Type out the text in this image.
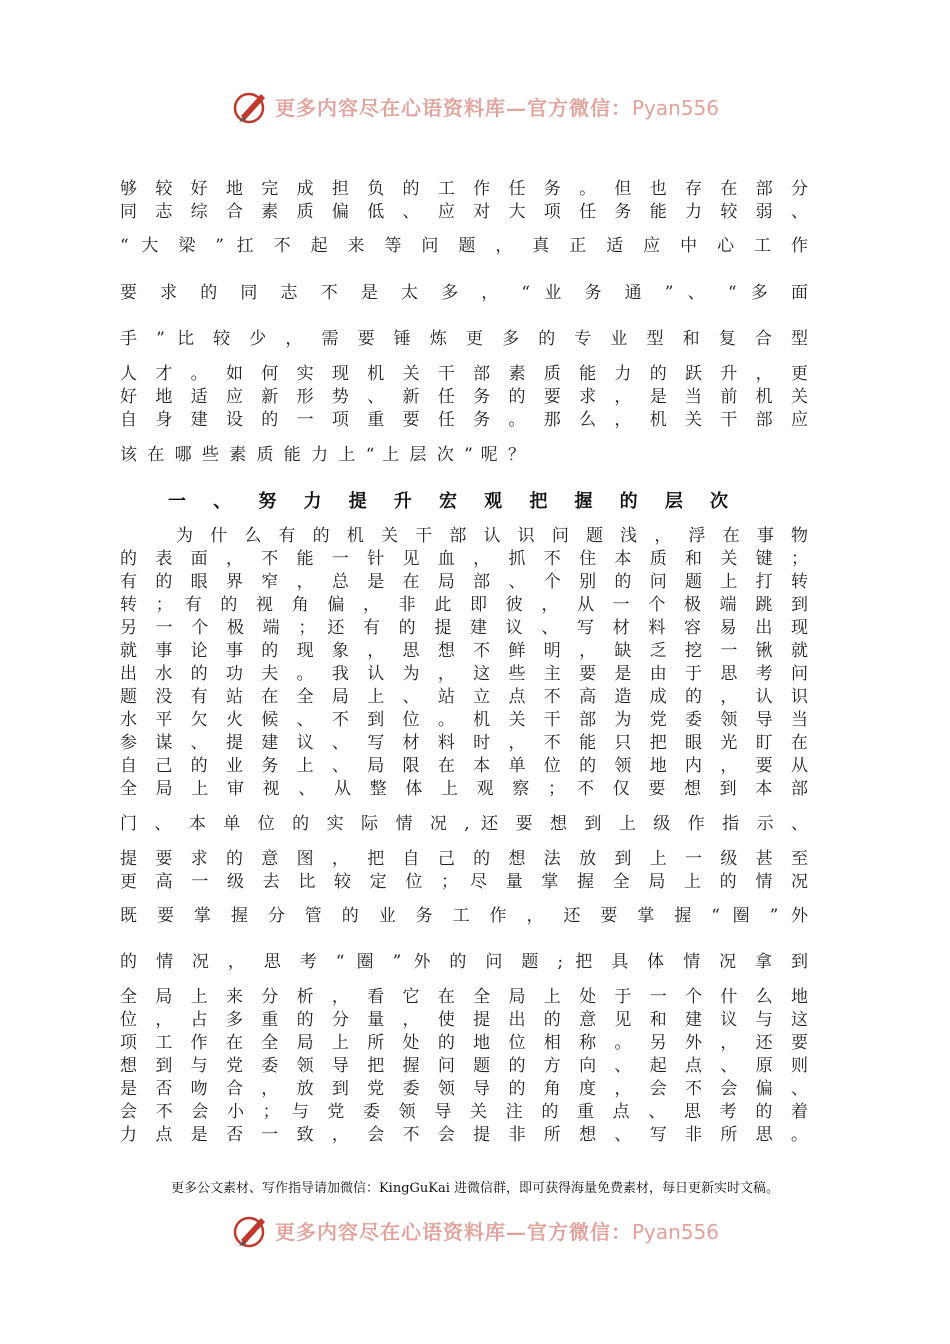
更多内容尽在心语资料库—官方微信：Pyan556
够 较 好 地 完 成 担 负 的 工 作 任 务 。 但 也 存 在 部 分
同 志 综 合 素 质 偏 低 、 应 对 大 项 任 务 能 力 较 弱 、
“ 大 梁 ” 扛 不 起 来 等 问 题 ， 真 正 适 应 中 心 工 作
要 求 的 同 志 不 是 太 多 ， “ 业 务 通 ” 、 “ 多 面
手 ” 比 较 少 ， 需 要 锤 炼 更 多 的 专 业 型 和 复 合 型
人 才 。 如 何 实 现 机 关 干 部 素 质 能 力 的 跃 升 ， 更
好 地 适 应 新 形 势 、 新 任 务 的 要 求 ， 是 当 前 机 关
自 身 建 设 的 一 项 重 要 任 务 。 那 么 ， 机 关 干 部 应
该 在 哪 些 素 质 能 力 上 “ 上 层 次 ” 呢 ？
一 、 努 力 提 升 宏 观 把 握 的 层 次
为 什 么 有 的 机 关 干 部 认 识 问 题 浅 ， 浮 在 事 物
的 表 面 ， 不 能 一 针 见 血 ， 抓 不 住 本 质 和 关 键 ；
有 的 眼 界 窄 ， 总 是 在 局 部 、 个 别 的 问 题 上 打 转
转 ； 有 的 视 角 偏 ， 非 此 即 彼 ， 从 一 个 极 端 跳 到
另 一 个 极 端 ； 还 有 的 提 建 议 、 写 材 料 容 易 出 现
就 事 论 事 的 现 象 ， 思 想 不 鲜 明 ， 缺 乏 挖 一 锹 就
出 水 的 功 夫 。 我 认 为 ， 这 些 主 要 是 由 于 思 考 问
题 没 有 站 在 全 局 上 、 站 立 点 不 高 造 成 的 ， 认 识
水 平 欠 火 候 、 不 到 位 。 机 关 干 部 为 党 委 领 导 当
参 谋 、 提 建 议 、 写 材 料 时 ， 不 能 只 把 眼 光 盯 在
自 己 的 业 务 上 、 局 限 在 本 单 位 的 领 地 内 ， 要 从
全 局 上 审 视 、 从 整 体 上 观 察 ； 不 仅 要 想 到 本 部
门 、 本 单 位 的 实 际 情 况 , 还 要 想 到 上 级 作 指 示 、
提 要 求 的 意 图 ， 把 自 己 的 想 法 放 到 上 一 级 甚 至
更 高 一 级 去 比 较 定 位 ； 尽 量 掌 握 全 局 上 的 情 况
既 要 掌 握 分 管 的 业 务 工 作 ， 还 要 掌 握 “ 圈 ” 外
的 情 况 ， 思 考 “ 圈 ” 外 的 问 题 ; 把 具 体 情 况 拿 到
全 局 上 来 分 析 ， 看 它 在 全 局 上 处 于 一 个 什 么 地
位 ， 占 多 重 的 分 量 ， 使 提 出 的 意 见 和 建 议 与 这
项 工 作 在 全 局 上 所 处 的 地 位 相 称 。 另 外 ， 还 要
想 到 与 党 委 领 导 把 握 问 题 的 方 向 、 起 点 、 原 则
是 否 吻 合 ， 放 到 党 委 领 导 的 角 度 ， 会 不 会 偏 、
会 不 会 小 ； 与 党 委 领 导 关 注 的 重 点 、 思 考 的 着
力 点 是 否 一 致 ， 会 不 会 提 非 所 想 、 写 非 所 思 。
更多公文素材、写作指导请加微信：KingGuKai 进微信群，即可获得海量免费素材，每日更新实时文稿。
更多内容尽在心语资料库—官方微信：Pyan556
